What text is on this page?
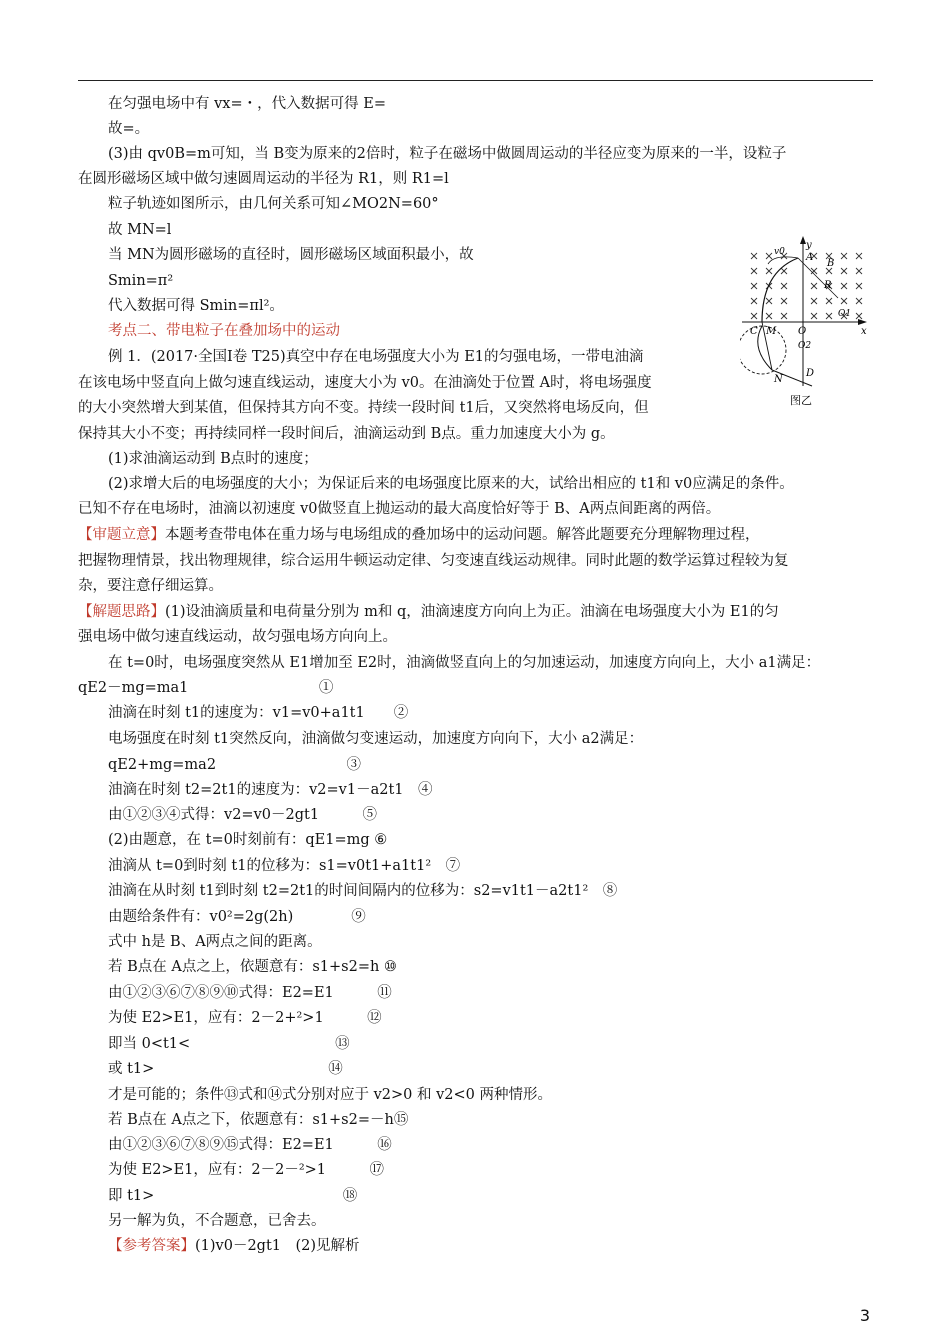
在匀强电场中有 vx=・，代入数据可得 E=
故=。
(3)由 qv0B=m可知，当 B变为原来的2倍时，粒子在磁场中做圆周运动的半径应变为原来的一半，设粒子
在圆形磁场区域中做匀速圆周运动的半径为 R1，则 R1=l
粒子轨迹如图所示，由几何关系可知∠MO2N=60°
故 MN=l
当 MN为圆形磁场的直径时，圆形磁场区域面积最小，故
Smin=π²
代入数据可得 Smin=πl²。
考点二、带电粒子在叠加场中的运动
例 1．(2017·全国Ⅰ卷 T25)真空中存在电场强度大小为 E1的匀强电场，一带电油滴
在该电场中竖直向上做匀速直线运动，速度大小为 v0。在油滴处于位置 A时，将电场强度
的大小突然增大到某值，但保持其方向不变。持续一段时间 t1后，又突然将电场反向，但
保持其大小不变；再持续同样一段时间后，油滴运动到 B点。重力加速度大小为 g。
(1)求油滴运动到 B点时的速度；
(2)求增大后的电场强度的大小；为保证后来的电场强度比原来的大，试给出相应的 t1和 v0应满足的条件。
已知不存在电场时，油滴以初速度 v0做竖直上抛运动的最大高度恰好等于 B、A两点间距离的两倍。
【审题立意】本题考查带电体在重力场与电场组成的叠加场中的运动问题。解答此题要充分理解物理过程，
把握物理情景，找出物理规律，综合运用牛顿运动定律、匀变速直线运动规律。同时此题的数学运算过程较为复
杂，要注意仔细运算。
【解题思路】(1)设油滴质量和电荷量分别为 m和 q，油滴速度方向向上为正。油滴在电场强度大小为 E1的匀
强电场中做匀速直线运动，故匀强电场方向向上。
在 t=0时，电场强度突然从 E1增加至 E2时，油滴做竖直向上的匀加速运动，加速度方向向上，大小 a1满足：
qE2－mg=ma1　　　　　　　　　①
油滴在时刻 t1的速度为：v1=v0+a1t1　　②
电场强度在时刻 t1突然反向，油滴做匀变速运动，加速度方向向下，大小 a2满足：
qE2+mg=ma2　　　　　　　　　③
油滴在时刻 t2=2t1的速度为：v2=v1－a2t1　④
由①②③④式得：v2=v0－2gt1　　　⑤
(2)由题意，在 t=0时刻前有：qE1=mg ⑥
油滴从 t=0到时刻 t1的位移为：s1=v0t1+a1t1²　⑦
油滴在从时刻 t1到时刻 t2=2t1的时间间隔内的位移为：s2=v1t1－a2t1²　⑧
由题给条件有：v0²=2g(2h)　　　　⑨
式中 h是 B、A两点之间的距离。
若 B点在 A点之上，依题意有：s1+s2=h ⑩
由①②③⑥⑦⑧⑨⑩式得：E2=E1　　　⑪
为使 E2>E1，应有：2－2+²>1　　　⑫
即当 0<t1<　　　　　　　　　　⑬
或 t1>　　　　　　　　　　　　⑭
才是可能的；条件⑬式和⑭式分别对应于 v2>0 和 v2<0 两种情形。
若 B点在 A点之下，依题意有：s1+s2=－h⑮
由①②③⑥⑦⑧⑨⑮式得：E2=E1　　　⑯
为使 E2>E1，应有：2－2－²>1　　　⑰
即 t1>　　　　　　　　　　　　　⑱
另一解为负，不合题意，已舍去。
【参考答案】(1)v0－2gt1　(2)见解析
y
x
v0 A
B
R
C M O
O1
O2
N
D
图乙
3
